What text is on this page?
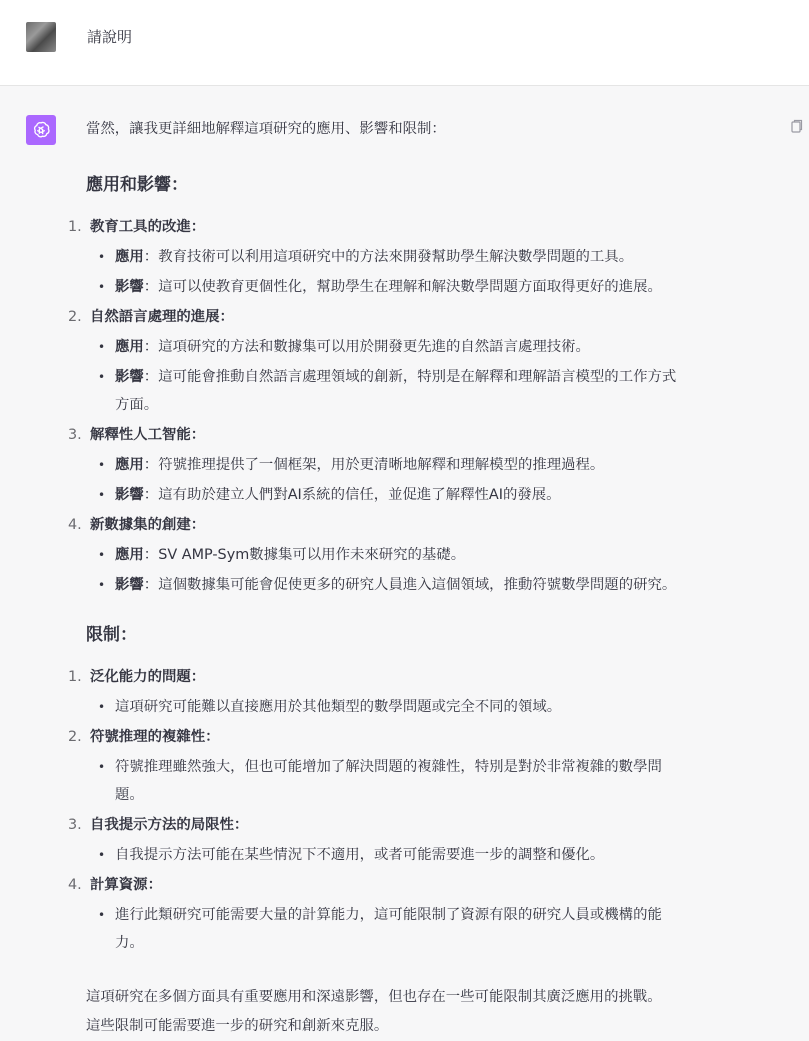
請說明
當然，讓我更詳細地解釋這項研究的應用、影響和限制：
應用和影響：
1. 教育工具的改進：
• 應用：教育技術可以利用這項研究中的方法來開發幫助學生解決數學問題的工具。
• 影響：這可以使教育更個性化，幫助學生在理解和解決數學問題方面取得更好的進展。
2. 自然語言處理的進展：
• 應用：這項研究的方法和數據集可以用於開發更先進的自然語言處理技術。
• 影響：這可能會推動自然語言處理領域的創新，特別是在解釋和理解語言模型的工作方式
方面。
3. 解釋性人工智能：
• 應用：符號推理提供了一個框架，用於更清晰地解釋和理解模型的推理過程。
• 影響：這有助於建立人們對AI系統的信任，並促進了解釋性AI的發展。
4. 新數據集的創建：
• 應用：SV AMP-Sym數據集可以用作未來研究的基礎。
• 影響：這個數據集可能會促使更多的研究人員進入這個領域，推動符號數學問題的研究。
限制：
1. 泛化能力的問題：
• 這項研究可能難以直接應用於其他類型的數學問題或完全不同的領域。
2. 符號推理的複雜性：
• 符號推理雖然強大，但也可能增加了解決問題的複雜性，特別是對於非常複雜的數學問
題。
3. 自我提示方法的局限性：
• 自我提示方法可能在某些情況下不適用，或者可能需要進一步的調整和優化。
4. 計算資源：
• 進行此類研究可能需要大量的計算能力，這可能限制了資源有限的研究人員或機構的能
力。
這項研究在多個方面具有重要應用和深遠影響，但也存在一些可能限制其廣泛應用的挑戰。
這些限制可能需要進一步的研究和創新來克服。
